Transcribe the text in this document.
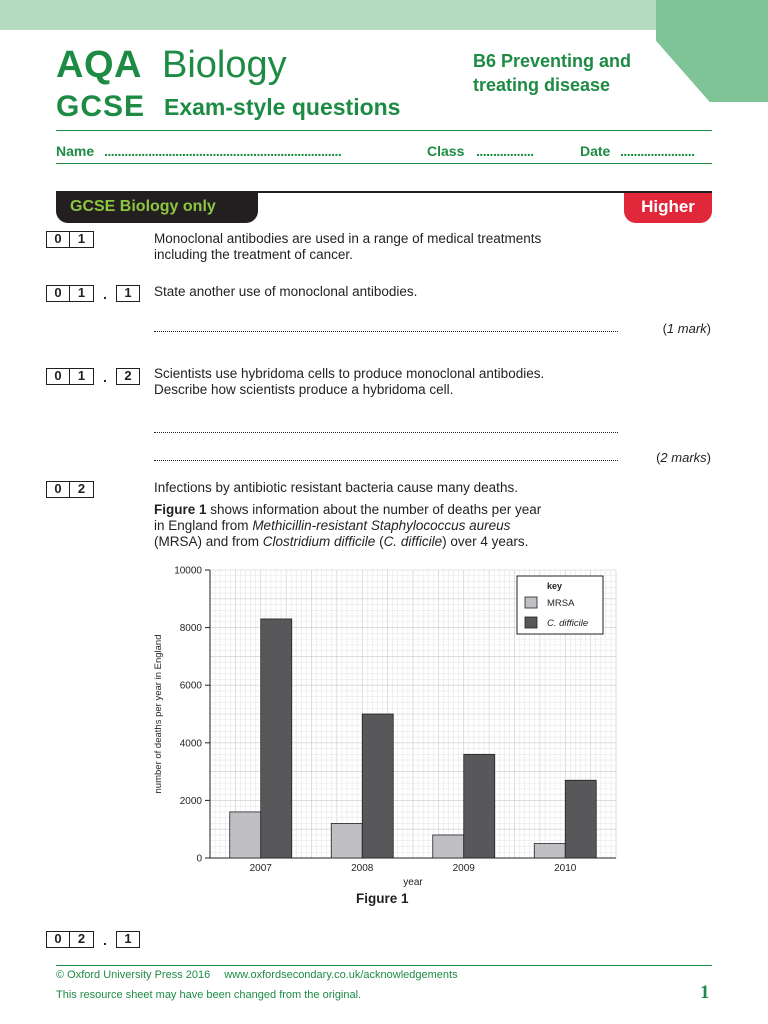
AQA Biology
GCSE Exam-style questions
B6 Preventing and
treating disease
Name ......................................................................	Class .................	Date ......................
GCSE Biology only	Higher
0	1	Monoclonal antibodies are used in a range of medical treatments
including the treatment of cancer.
0	1	.	1	State another use of monoclonal antibodies.
(1 mark)
0	1	.	2	Scientists use hybridoma cells to produce monoclonal antibodies.
Describe how scientists produce a hybridoma cell.
(2 marks)
0	2	Infections by antibiotic resistant bacteria cause many deaths.
Figure 1 shows information about the number of deaths per year
in England from Methicillin-resistant Staphylococcus aureus
(MRSA) and from Clostridium difficile (C. difficile) over 4 years.
0
2000
4000
6000
8000
10000
2007	2008	2009	2010
year
number of deaths per year in England
key
MRSA
C. difficile
Figure 1
0	2	.	1
© Oxford University Press 2016 www.oxfordsecondary.co.uk/acknowledgements
This resource sheet may have been changed from the original.	1
